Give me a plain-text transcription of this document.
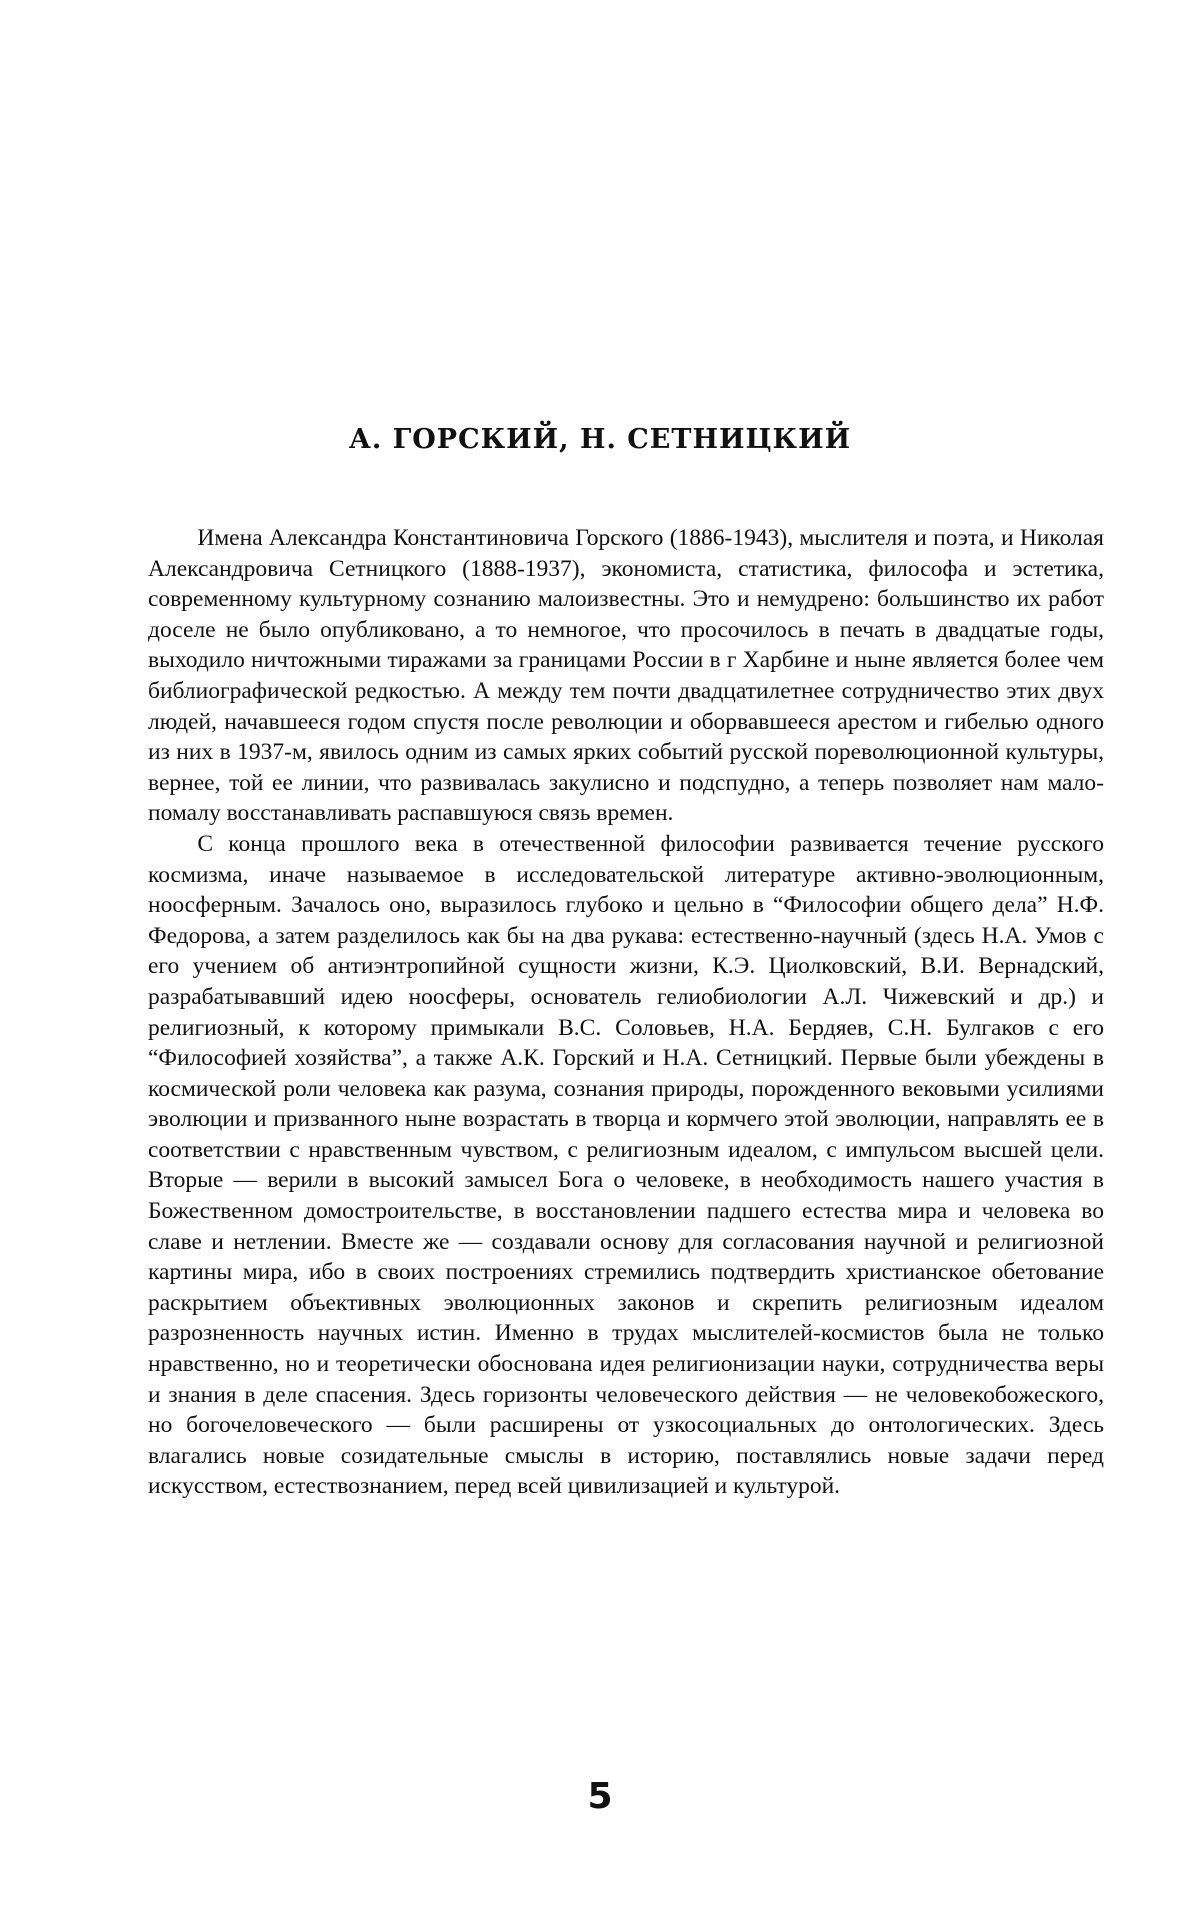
А. ГОРСКИЙ, Н. СЕТНИЦКИЙ

Имена Александра Константиновича Горского (1886-1943), мыслителя и поэта, и Николая Александровича Сетницкого (1888-1937), экономиста, статистика, философа и эстетика, современному культурному сознанию малоизвестны. Это и немудрено: большинство их работ доселе не было опубликовано, а то немногое, что просочилось в печать в двадцатые годы, выходило ничтожными тиражами за границами России в г Харбине и ныне является более чем библиографической редкостью. А между тем почти двадцатилетнее сотрудничество этих двух людей, начавшееся годом спустя после революции и оборвавшееся арестом и гибелью одного из них в 1937-м, явилось одним из самых ярких событий русской пореволюционной культуры, вернее, той ее линии, что развивалась закулисно и подспудно, а теперь позволяет нам мало-помалу восстанавливать распавшуюся связь времен.

С конца прошлого века в отечественной философии развивается течение русского космизма, иначе называемое в исследовательской литературе активно-эволюционным, ноосферным. Зачалось оно, выразилось глубоко и цельно в “Философии общего дела” Н.Ф. Федорова, а затем разделилось как бы на два рукава: естественно-научный (здесь Н.А. Умов с его учением об антиэнтропийной сущности жизни, К.Э. Циолковский, В.И. Вернадский, разрабатывавший идею ноосферы, основатель гелиобиологии А.Л. Чижевский и др.) и религиозный, к которому примыкали В.С. Соловьев, Н.А. Бердяев, С.Н. Булгаков с его “Философией хозяйства”, а также А.К. Горский и Н.А. Сетницкий. Первые были убеждены в космической роли человека как разума, сознания природы, порожденного вековыми усилиями эволюции и призванного ныне возрастать в творца и кормчего этой эволюции, направлять ее в соответствии с нравственным чувством, с религиозным идеалом, с импульсом высшей цели. Вторые — верили в высокий замысел Бога о человеке, в необходимость нашего участия в Божественном домостроительстве, в восстановлении падшего естества мира и человека во славе и нетлении. Вместе же — создавали основу для согласования научной и религиозной картины мира, ибо в своих построениях стремились подтвердить христианское обетование раскрытием объективных эволюционных законов и скрепить религиозным идеалом разрозненность научных истин. Именно в трудах мыслителей-космистов была не только нравственно, но и теоретически обоснована идея религионизации науки, сотрудничества веры и знания в деле спасения. Здесь горизонты человеческого действия — не человекобожеского, но богочеловеческого — были расширены от узкосоциальных до онтологических. Здесь влагались новые созидательные смыслы в историю, поставлялись новые задачи перед искусством, естествознанием, перед всей цивилизацией и культурой.

5
